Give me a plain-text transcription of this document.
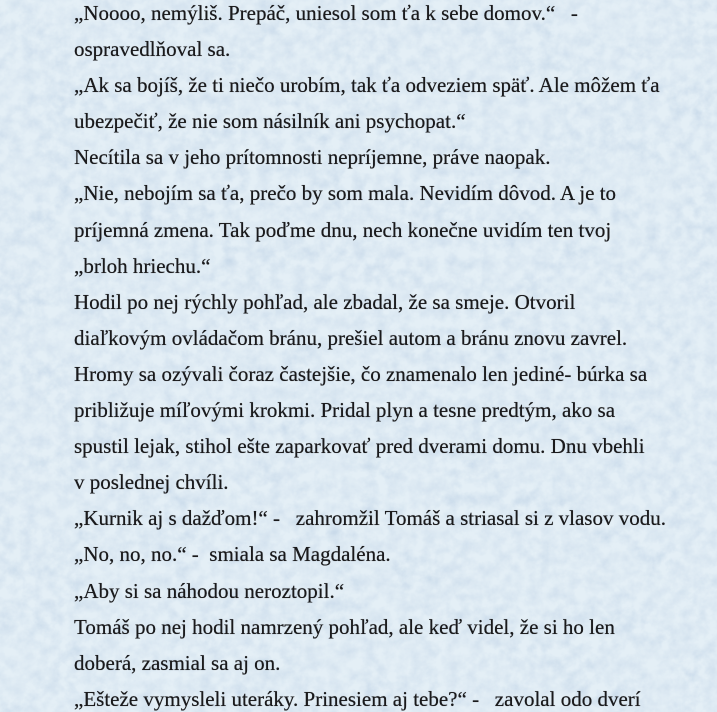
„Noooo, nemýliš. Prepáč, uniesol som ťa k sebe domov.“   -
ospravedlňoval sa.
„Ak sa bojíš, že ti niečo urobím, tak ťa odveziem späť. Ale môžem ťa
ubezpečiť, že nie som násilník ani psychopat.“
Necítila sa v jeho prítomnosti nepríjemne, práve naopak.
„Nie, nebojím sa ťa, prečo by som mala. Nevidím dôvod. A je to
príjemná zmena. Tak poďme dnu, nech konečne uvidím ten tvoj
„brloh hriechu.“
Hodil po nej rýchly pohľad, ale zbadal, že sa smeje. Otvoril
diaľkovým ovládačom bránu, prešiel autom a bránu znovu zavrel.
Hromy sa ozývali čoraz častejšie, čo znamenalo len jediné- búrka sa
približuje míľovými krokmi. Pridal plyn a tesne predtým, ako sa
spustil lejak, stihol ešte zaparkovať pred dverami domu. Dnu vbehli
v poslednej chvíli.
„Kurnik aj s dažďom!“ -   zahromžil Tomáš a striasal si z vlasov vodu.
„No, no, no.“ -  smiala sa Magdaléna.
„Aby si sa náhodou neroztopil.“
Tomáš po nej hodil namrzený pohľad, ale keď videl, že si ho len
doberá, zasmial sa aj on.
„Ešteže vymysleli uteráky. Prinesiem aj tebe?“ -   zavolal odo dverí
